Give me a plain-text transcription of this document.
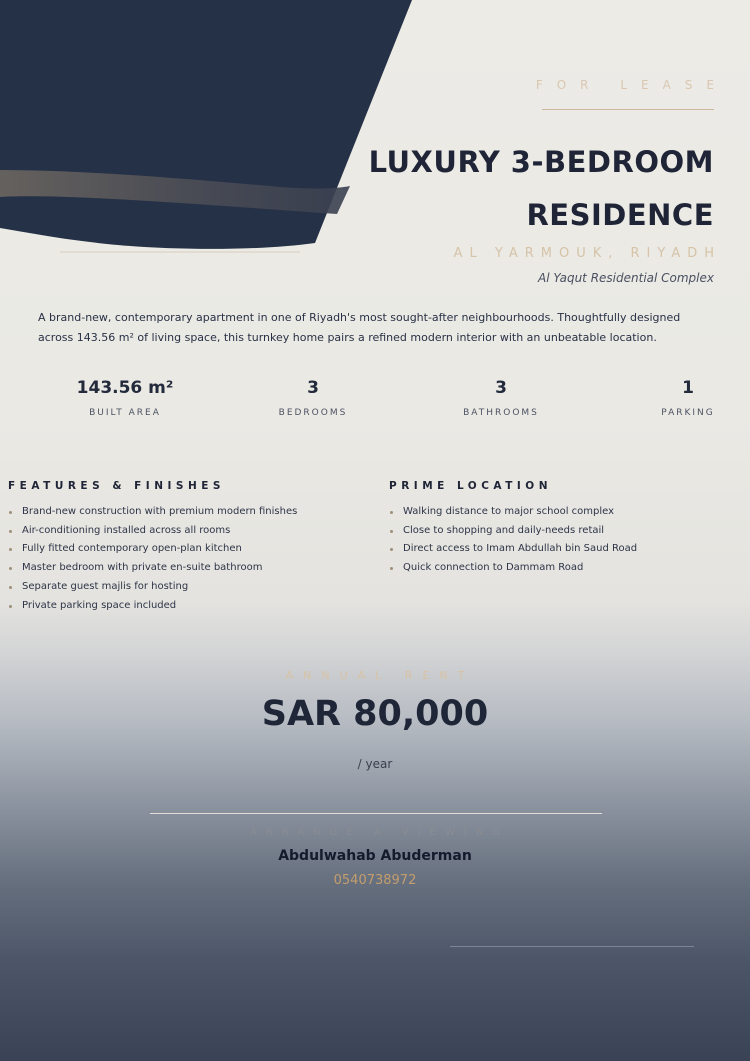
FOR LEASE
LUXURY 3-BEDROOM
RESIDENCE
AL YARMOUK, RIYADH
Al Yaqut Residential Complex

A brand-new, contemporary apartment in one of Riyadh's most sought-after neighbourhoods. Thoughtfully designed across 143.56 m² of living space, this turnkey home pairs a refined modern interior with an unbeatable location.

143.56 m²
BUILT AREA
3
BEDROOMS
3
BATHROOMS
1
PARKING
FEATURES & FINISHES
Brand-new construction with premium modern finishes
Air-conditioning installed across all rooms
Fully fitted contemporary open-plan kitchen
Master bedroom with private en-suite bathroom
Separate guest majlis for hosting
Private parking space included
PRIME LOCATION
Walking distance to major school complex
Close to shopping and daily-needs retail
Direct access to Imam Abdullah bin Saud Road
Quick connection to Dammam Road
ANNUAL RENT
SAR 80,000
/ year
ARRANGE A VIEWING
Abdulwahab Abuderman
0540738972
